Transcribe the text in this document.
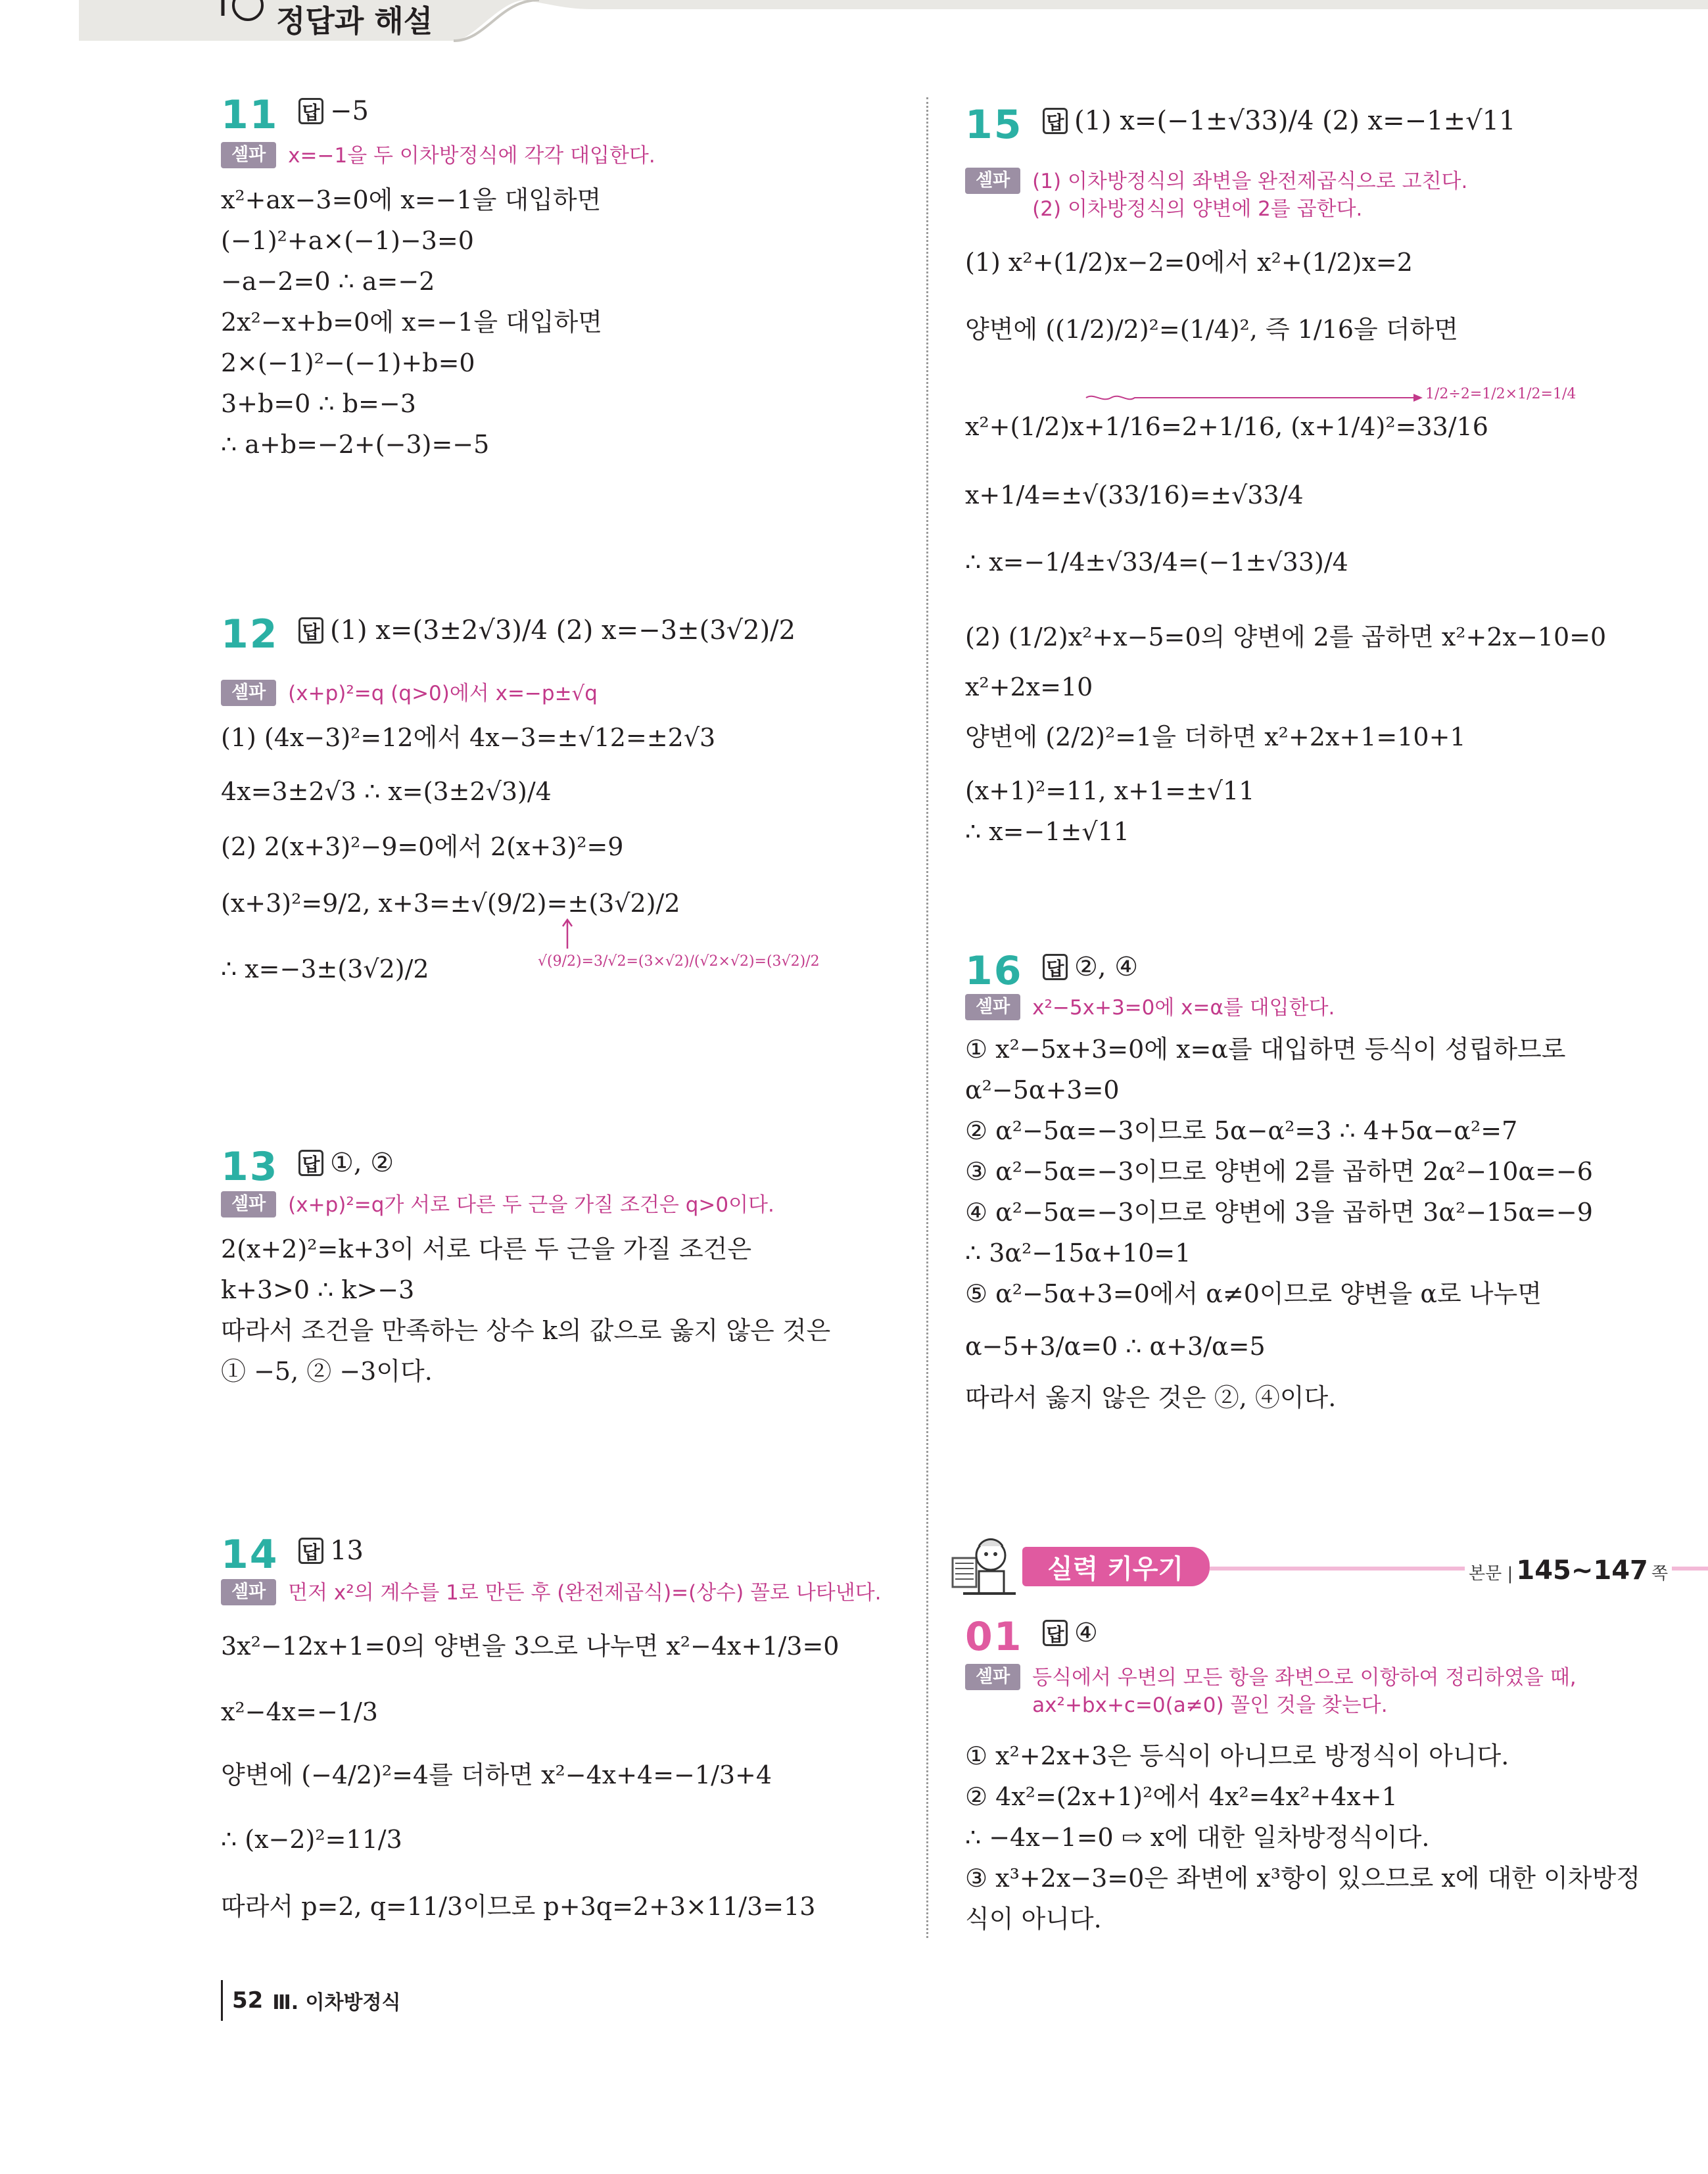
정답과 해설
11 답 −5
셀파	x=−1을 두 이차방정식에 각각 대입한다.
x²+ax−3=0에 x=−1을 대입하면
(−1)²+a×(−1)−3=0
−a−2=0 ∴ a=−2
2x²−x+b=0에 x=−1을 대입하면
2×(−1)²−(−1)+b=0
3+b=0 ∴ b=−3
∴ a+b=−2+(−3)=−5
12 답 (1) x=(3±2√3)/4 (2) x=−3±(3√2)/2
셀파	(x+p)²=q (q>0)에서 x=−p±√q
(1) (4x−3)²=12에서 4x−3=±√12=±2√3
4x=3±2√3 ∴ x=(3±2√3)/4
(2) 2(x+3)²−9=0에서 2(x+3)²=9
(x+3)²=9/2, x+3=±√(9/2)=±(3√2)/2
∴ x=−3±(3√2)/2	√(9/2)=3/√2=(3×√2)/(√2×√2)=(3√2)/2
13 답 ①, ②
셀파	(x+p)²=q가 서로 다른 두 근을 가질 조건은 q>0이다.
2(x+2)²=k+3이 서로 다른 두 근을 가질 조건은
k+3>0 ∴ k>−3
따라서 조건을 만족하는 상수 k의 값으로 옳지 않은 것은
① −5, ② −3이다.
14 답 13
셀파	먼저 x²의 계수를 1로 만든 후 (완전제곱식)=(상수) 꼴로 나타낸다.
3x²−12x+1=0의 양변을 3으로 나누면 x²−4x+1/3=0
x²−4x=−1/3
양변에 (−4/2)²=4를 더하면 x²−4x+4=−1/3+4
∴ (x−2)²=11/3
따라서 p=2, q=11/3이므로 p+3q=2+3×11/3=13
15 답 (1) x=(−1±√33)/4 (2) x=−1±√11
셀파	(1) 이차방정식의 좌변을 완전제곱식으로 고친다.
(2) 이차방정식의 양변에 2를 곱한다.
(1) x²+(1/2)x−2=0에서 x²+(1/2)x=2
양변에 ((1/2)/2)²=(1/4)², 즉 1/16을 더하면
1/2÷2=1/2×1/2=1/4
x²+(1/2)x+1/16=2+1/16, (x+1/4)²=33/16
x+1/4=±√(33/16)=±√33/4
∴ x=−1/4±√33/4=(−1±√33)/4
(2) (1/2)x²+x−5=0의 양변에 2를 곱하면 x²+2x−10=0
x²+2x=10
양변에 (2/2)²=1을 더하면 x²+2x+1=10+1
(x+1)²=11, x+1=±√11
∴ x=−1±√11
16 답 ②, ④
셀파	x²−5x+3=0에 x=α를 대입한다.
① x²−5x+3=0에 x=α를 대입하면 등식이 성립하므로
α²−5α+3=0
② α²−5α=−3이므로 5α−α²=3 ∴ 4+5α−α²=7
③ α²−5α=−3이므로 양변에 2를 곱하면 2α²−10α=−6
④ α²−5α=−3이므로 양변에 3을 곱하면 3α²−15α=−9
∴ 3α²−15α+10=1
⑤ α²−5α+3=0에서 α≠0이므로 양변을 α로 나누면
α−5+3/α=0 ∴ α+3/α=5
따라서 옳지 않은 것은 ②, ④이다.
실력 키우기	본문 | 145~147 쪽
01 답 ④
셀파	등식에서 우변의 모든 항을 좌변으로 이항하여 정리하였을 때,
ax²+bx+c=0(a≠0) 꼴인 것을 찾는다.
① x²+2x+3은 등식이 아니므로 방정식이 아니다.
② 4x²=(2x+1)²에서 4x²=4x²+4x+1
∴ −4x−1=0 ⇨ x에 대한 일차방정식이다.
③ x³+2x−3=0은 좌변에 x³항이 있으므로 x에 대한 이차방정
식이 아니다.
52 Ⅲ. 이차방정식
